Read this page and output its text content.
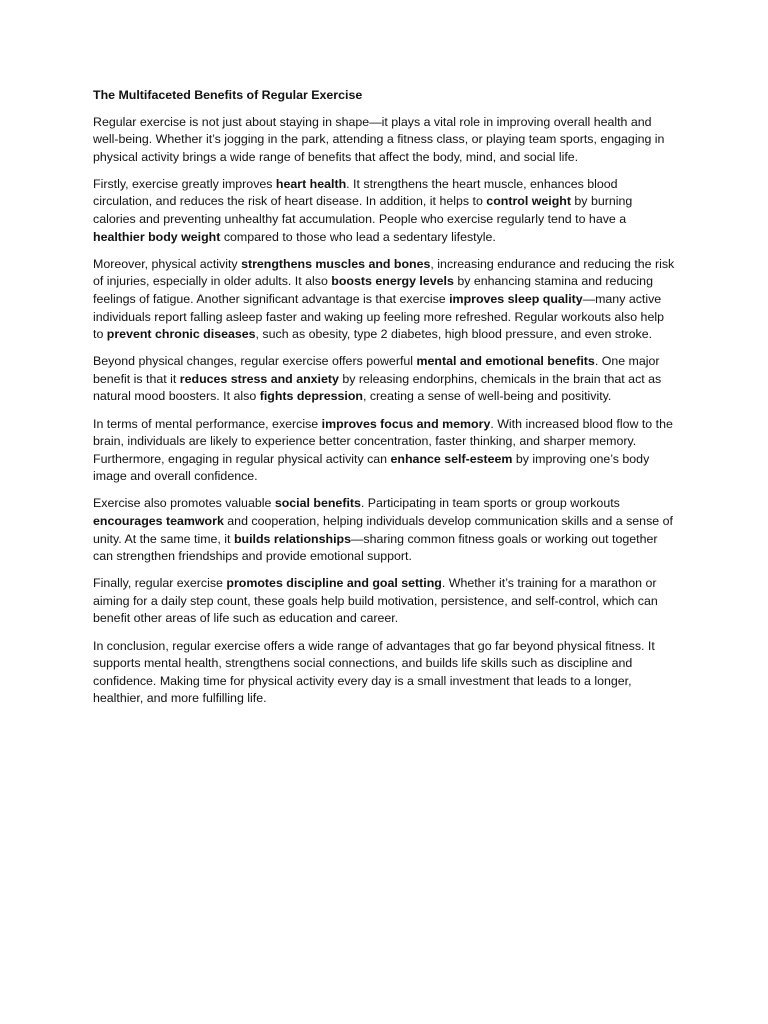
The Multifaceted Benefits of Regular Exercise

Regular exercise is not just about staying in shape—it plays a vital role in improving overall health and well-being. Whether it’s jogging in the park, attending a fitness class, or playing team sports, engaging in physical activity brings a wide range of benefits that affect the body, mind, and social life.

Firstly, exercise greatly improves heart health. It strengthens the heart muscle, enhances blood circulation, and reduces the risk of heart disease. In addition, it helps to control weight by burning calories and preventing unhealthy fat accumulation. People who exercise regularly tend to have a healthier body weight compared to those who lead a sedentary lifestyle.

Moreover, physical activity strengthens muscles and bones, increasing endurance and reducing the risk of injuries, especially in older adults. It also boosts energy levels by enhancing stamina and reducing feelings of fatigue. Another significant advantage is that exercise improves sleep quality—many active individuals report falling asleep faster and waking up feeling more refreshed. Regular workouts also help to prevent chronic diseases, such as obesity, type 2 diabetes, high blood pressure, and even stroke.

Beyond physical changes, regular exercise offers powerful mental and emotional benefits. One major benefit is that it reduces stress and anxiety by releasing endorphins, chemicals in the brain that act as natural mood boosters. It also fights depression, creating a sense of well-being and positivity.

In terms of mental performance, exercise improves focus and memory. With increased blood flow to the brain, individuals are likely to experience better concentration, faster thinking, and sharper memory. Furthermore, engaging in regular physical activity can enhance self-esteem by improving one’s body image and overall confidence.

Exercise also promotes valuable social benefits. Participating in team sports or group workouts encourages teamwork and cooperation, helping individuals develop communication skills and a sense of unity. At the same time, it builds relationships—sharing common fitness goals or working out together can strengthen friendships and provide emotional support.

Finally, regular exercise promotes discipline and goal setting. Whether it’s training for a marathon or aiming for a daily step count, these goals help build motivation, persistence, and self-control, which can benefit other areas of life such as education and career.

In conclusion, regular exercise offers a wide range of advantages that go far beyond physical fitness. It supports mental health, strengthens social connections, and builds life skills such as discipline and confidence. Making time for physical activity every day is a small investment that leads to a longer, healthier, and more fulfilling life.
